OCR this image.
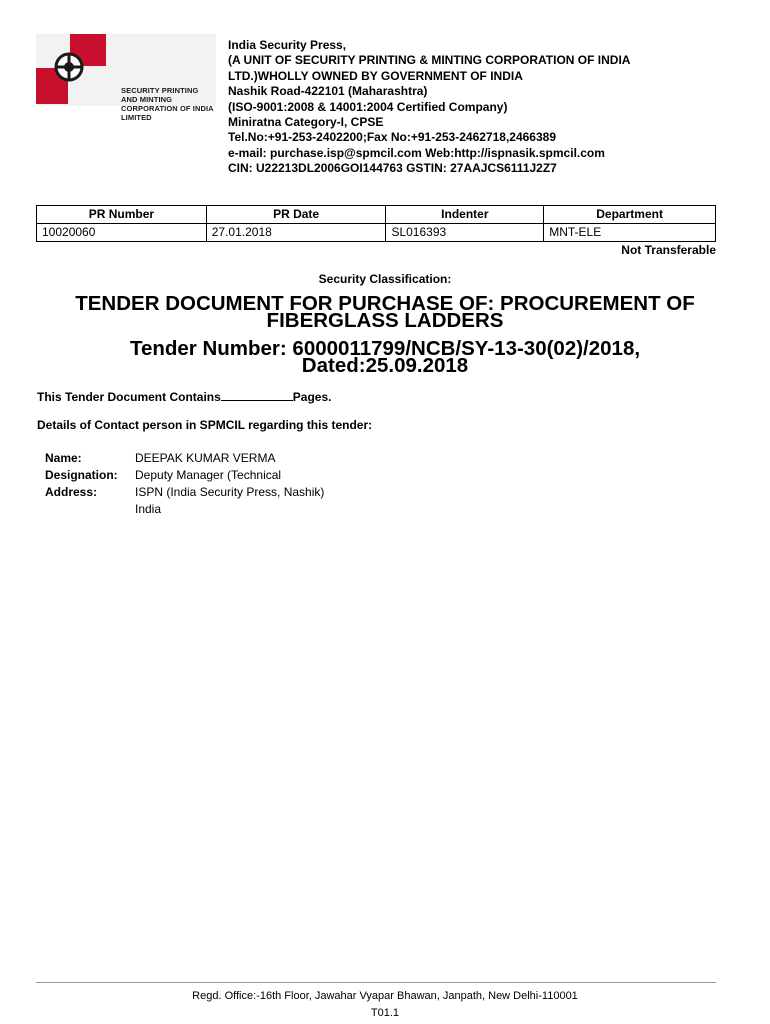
SECURITY PRINTING AND MINTING
CORPORATION OF INDIA LIMITED
India Security Press,
(A UNIT OF SECURITY PRINTING & MINTING CORPORATION OF INDIA
LTD.)WHOLLY OWNED BY GOVERNMENT OF INDIA
Nashik Road-422101 (Maharashtra)
(ISO-9001:2008 & 14001:2004 Certified Company)
Miniratna Category-I, CPSE
Tel.No:+91-253-2402200;Fax No:+91-253-2462718,2466389
e-mail: purchase.isp@spmcil.com Web:http://ispnasik.spmcil.com
CIN: U22213DL2006GOI144763 GSTIN: 27AAJCS6111J2Z7
PR Number	PR Date	Indenter	Department
10020060	27.01.2018	SL016393	MNT-ELE
Not Transferable
Security Classification:
TENDER DOCUMENT FOR PURCHASE OF: PROCUREMENT OF
FIBERGLASS LADDERS
Tender Number: 6000011799/NCB/SY-13-30(02)/2018,
Dated:25.09.2018
This Tender Document Contains	Pages.
Details of Contact person in SPMCIL regarding this tender:
Name:	DEEPAK KUMAR VERMA
Designation:	Deputy Manager (Technical
Address:	ISPN (India Security Press, Nashik)
India
Regd. Office:-16th Floor, Jawahar Vyapar Bhawan, Janpath, New Delhi-110001
T01.1
